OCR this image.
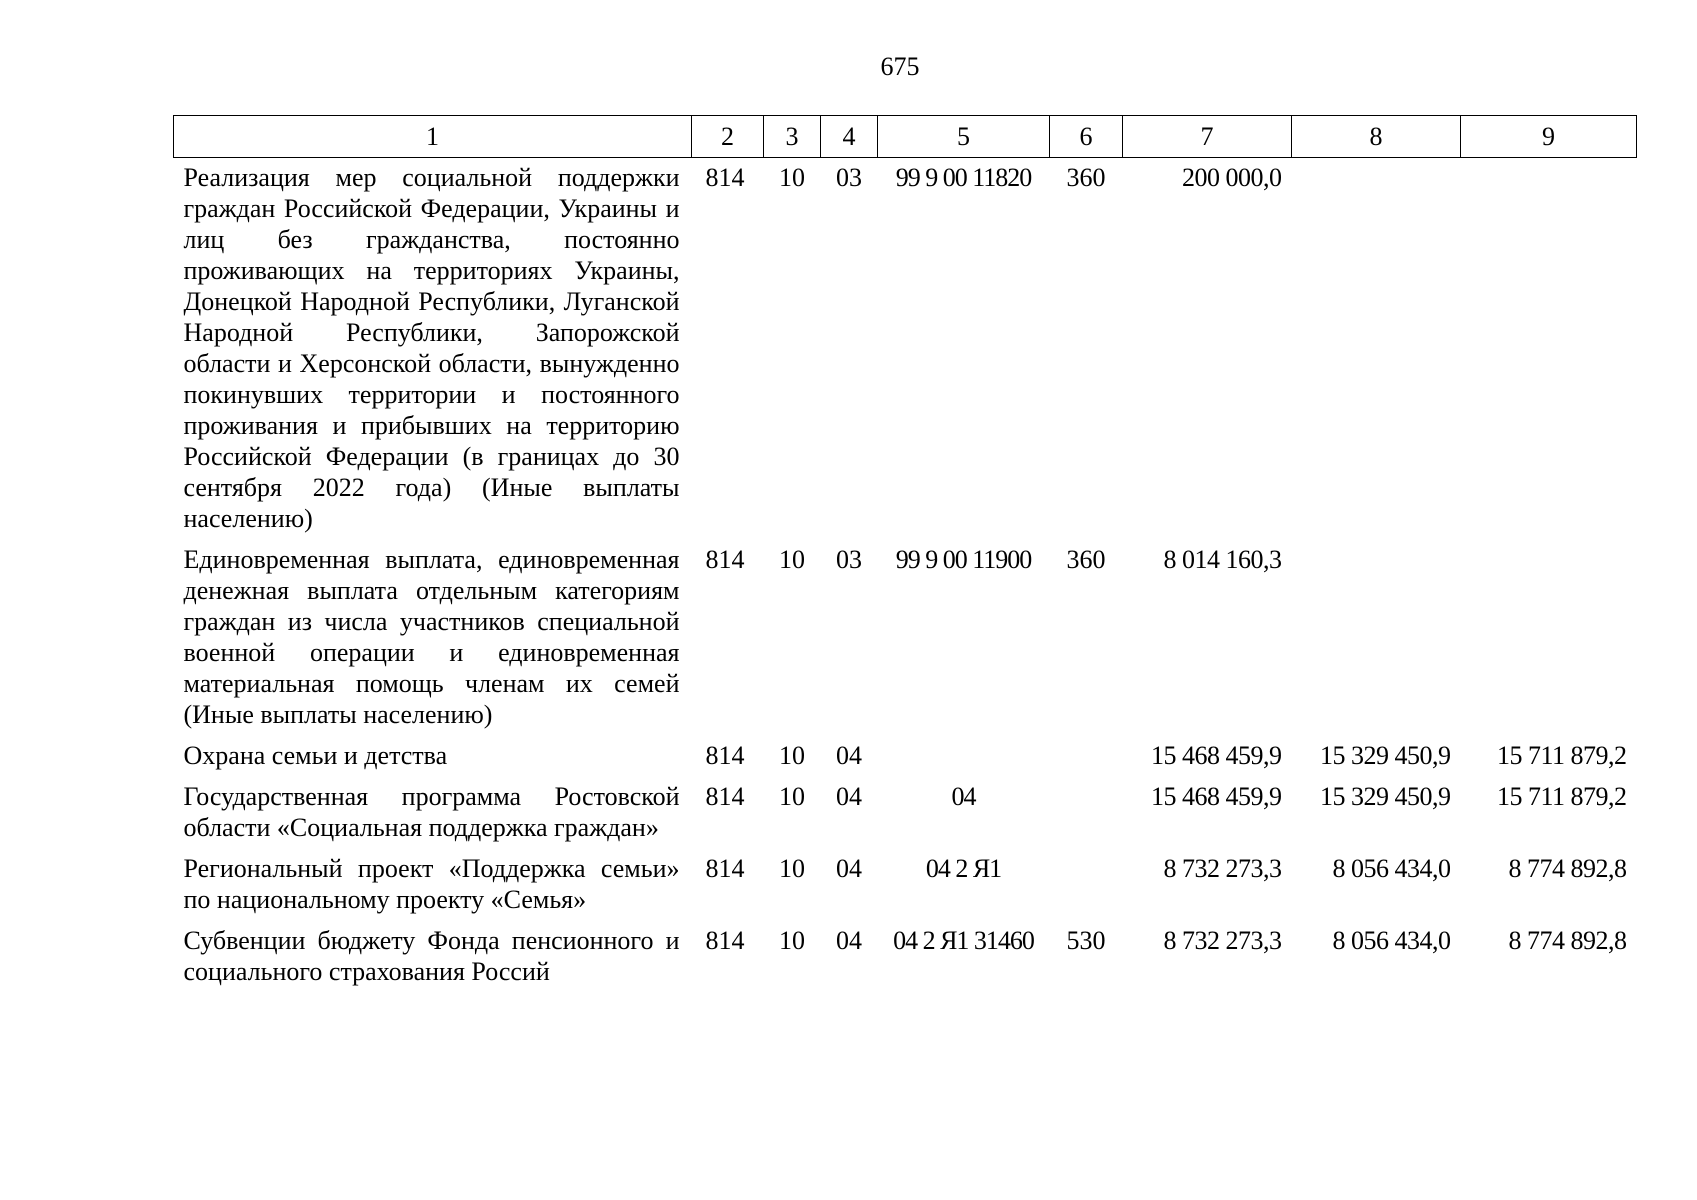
675
1	2	3	4	5	6	7	8	9
Реализация мер социальной поддержки граждан Российской Федерации, Украины и лиц без гражданства, постоянно проживающих на территориях Украины, Донецкой Народной Республики, Луганской Народной Республики, Запорожской области и Херсонской области, вынужденно покинувших территории и постоянного проживания и прибывших на территорию Российской Федерации (в границах до 30 сентября 2022 года) (Иные выплаты населению)	814	10	03	99 9 00 11820	360	200 000,0		
Единовременная выплата, единовременная денежная выплата отдельным категориям граждан из числа участников специальной военной операции и единовременная материальная помощь членам их семей (Иные выплаты населению)	814	10	03	99 9 00 11900	360	8 014 160,3		
Охрана семьи и детства	814	10	04			15 468 459,9	15 329 450,9	15 711 879,2
Государственная программа Ростовской области «Социальная поддержка граждан»	814	10	04	04		15 468 459,9	15 329 450,9	15 711 879,2
Региональный проект «Поддержка семьи» по национальному проекту «Семья»	814	10	04	04 2 Я1		8 732 273,3	8 056 434,0	8 774 892,8
Субвенции бюджету Фонда пенсионного и социального страхования Россий	814	10	04	04 2 Я1 31460	530	8 732 273,3	8 056 434,0	8 774 892,8
